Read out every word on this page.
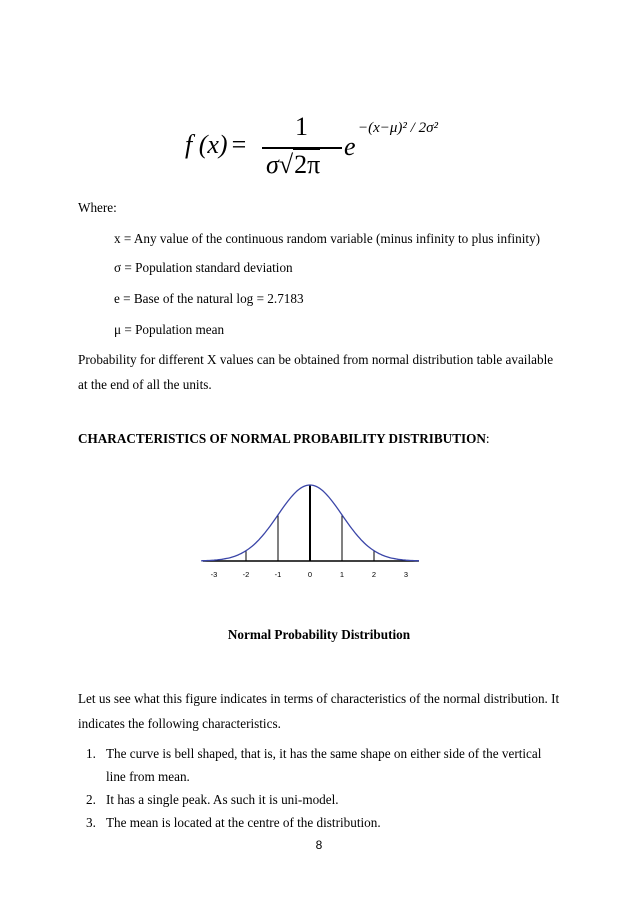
f (x) =
1
σ√2π
e
−(x−μ)² / 2σ²
Where:
x = Any value of the continuous random variable (minus infinity to plus infinity)
σ = Population standard deviation
e = Base of the natural log = 2.7183
μ = Population mean
Probability for different X values can be obtained from normal distribution table available at the end of all the units.
CHARACTERISTICS OF NORMAL PROBABILITY DISTRIBUTION:
-3	-2	-1	0	1	2	3
Normal Probability Distribution
Let us see what this figure indicates in terms of characteristics of the normal distribution. It indicates the following characteristics.
1. The curve is bell shaped, that is, it has the same shape on either side of the vertical line from mean.
2. It has a single peak. As such it is uni-model.
3. The mean is located at the centre of the distribution.
8
